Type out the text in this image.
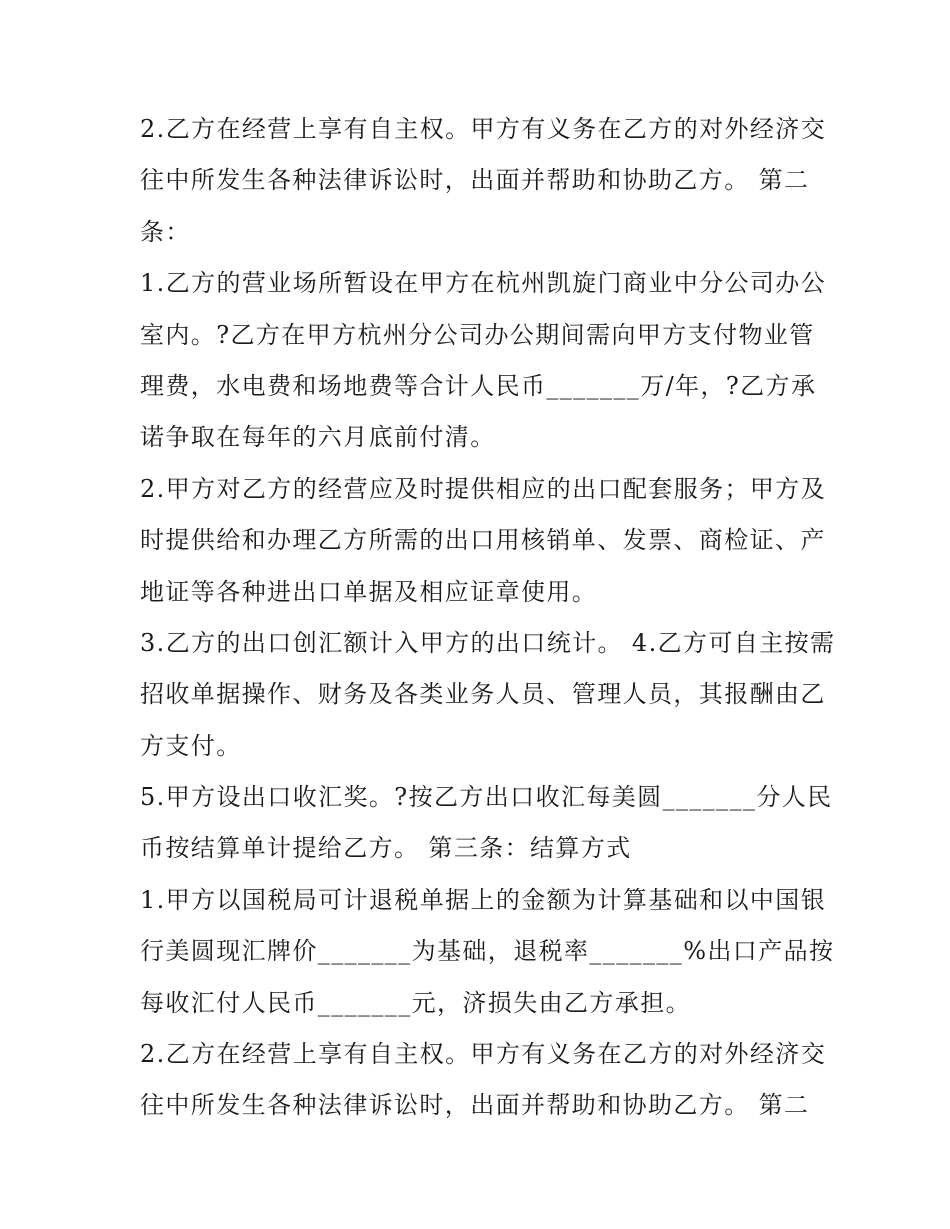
2.乙方在经营上享有自主权。甲方有义务在乙方的对外经济交
往中所发生各种法律诉讼时，出面并帮助和协助乙方。 第二
条：
1.乙方的营业场所暂设在甲方在杭州凯旋门商业中分公司办公
室内。?乙方在甲方杭州分公司办公期间需向甲方支付物业管
理费，水电费和场地费等合计人民币_______万/年，?乙方承
诺争取在每年的六月底前付清。
2.甲方对乙方的经营应及时提供相应的出口配套服务；甲方及
时提供给和办理乙方所需的出口用核销单、发票、商检证、产
地证等各种进出口单据及相应证章使用。
3.乙方的出口创汇额计入甲方的出口统计。 4.乙方可自主按需
招收单据操作、财务及各类业务人员、管理人员，其报酬由乙
方支付。
5.甲方设出口收汇奖。?按乙方出口收汇每美圆_______分人民
币按结算单计提给乙方。 第三条：结算方式
1.甲方以国税局可计退税单据上的金额为计算基础和以中国银
行美圆现汇牌价_______为基础，退税率_______%出口产品按
每收汇付人民币_______元，济损失由乙方承担。
2.乙方在经营上享有自主权。甲方有义务在乙方的对外经济交
往中所发生各种法律诉讼时，出面并帮助和协助乙方。 第二
